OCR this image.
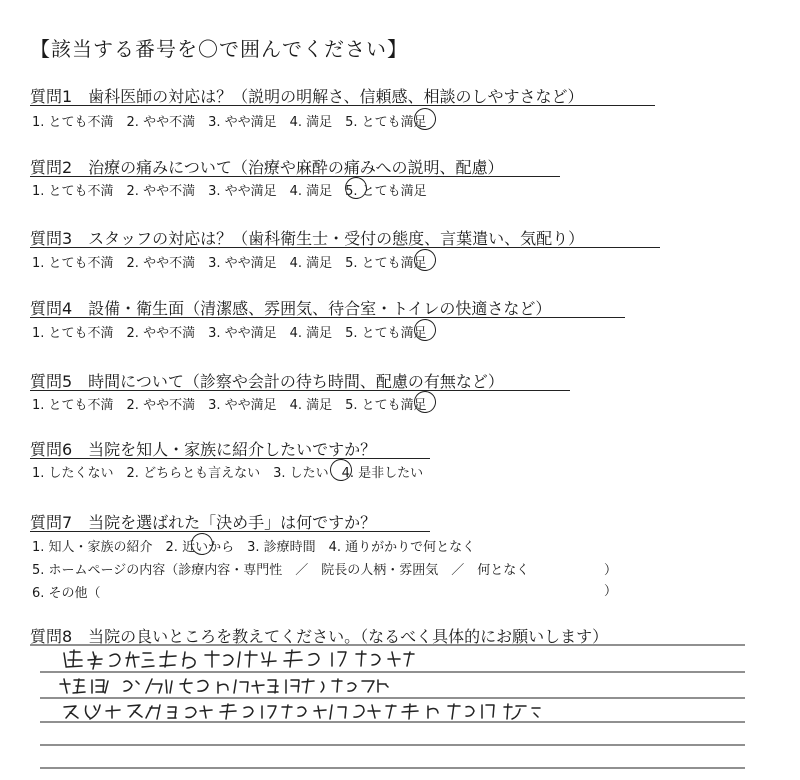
【該当する番号を〇で囲んでください】
質問1　歯科医師の対応は？（説明の明解さ、信頼感、相談のしやすさなど）
1. とても不満　2. やや不満　3. やや満足　4. 満足　5. とても満足
質問2　治療の痛みについて（治療や麻酔の痛みへの説明、配慮）
1. とても不満　2. やや不満　3. やや満足　4. 満足　5. とても満足
質問3　スタッフの対応は？（歯科衛生士・受付の態度、言葉遣い、気配り）
1. とても不満　2. やや不満　3. やや満足　4. 満足　5. とても満足
質問4　設備・衛生面（清潔感、雰囲気、待合室・トイレの快適さなど）
1. とても不満　2. やや不満　3. やや満足　4. 満足　5. とても満足
質問5　時間について（診察や会計の待ち時間、配慮の有無など）
1. とても不満　2. やや不満　3. やや満足　4. 満足　5. とても満足
質問6　当院を知人・家族に紹介したいですか？
1. したくない　2. どちらとも言えない　3. したい　4. 是非したい
質問7　当院を選ばれた「決め手」は何ですか？
1. 知人・家族の紹介　2. 近いから　3. 診療時間　4. 通りがかりで何となく
5. ホームページの内容（診療内容・専門性　／　院長の人柄・雰囲気　／　何となく	）
6. その他（	）
質問8　当院の良いところを教えてください。（なるべく具体的にお願いします）
